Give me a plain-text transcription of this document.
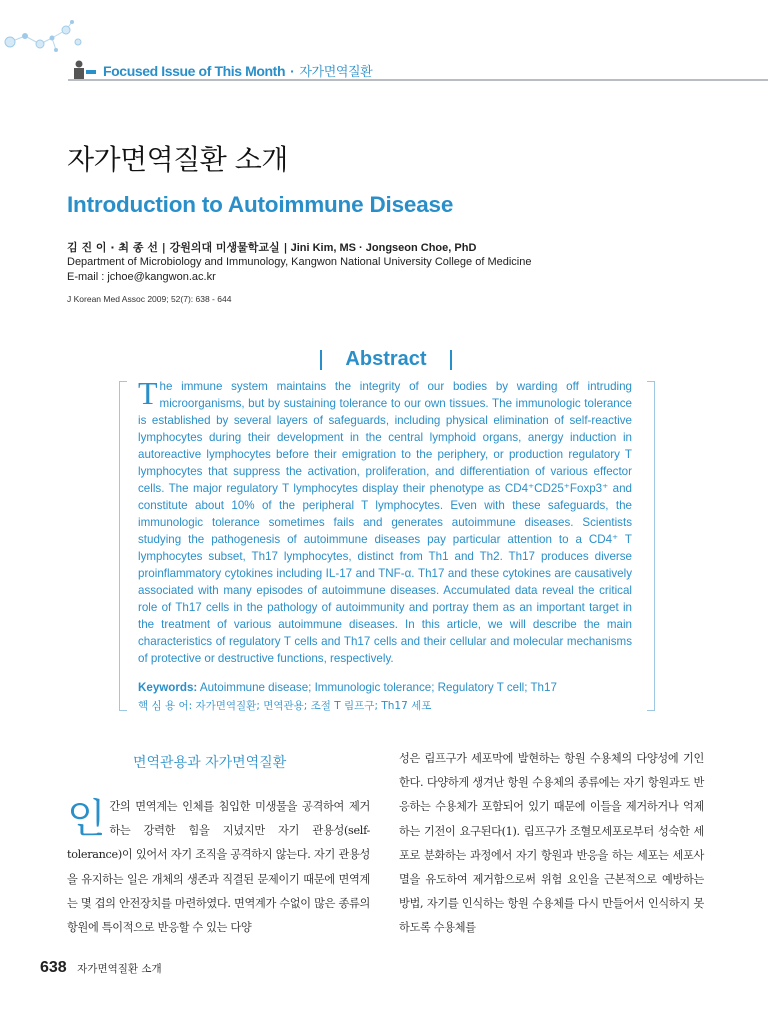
Focused Issue of This Month · 자가면역질환
자가면역질환 소개
Introduction to Autoimmune Disease
김 진 이 · 최 종 선 | 강원의대 미생물학교실 | Jini Kim, MS · Jongseon Choe, PhD
Department of Microbiology and Immunology, Kangwon National University College of Medicine
E-mail : jchoe@kangwon.ac.kr
J Korean Med Assoc 2009; 52(7): 638 - 644
Abstract
T he immune system maintains the integrity of our bodies by warding off intruding microorganisms, but by sustaining tolerance to our own tissues. The immunologic tolerance is established by several layers of safeguards, including physical elimination of self-reactive lymphocytes during their development in the central lymphoid organs, anergy induction in autoreactive lymphocytes before their emigration to the periphery, or production regulatory T lymphocytes that suppress the activation, proliferation, and differentiation of various effector cells. The major regulatory T lymphocytes display their phenotype as CD4⁺CD25⁺Foxp3⁺ and constitute about 10% of the peripheral T lymphocytes. Even with these safeguards, the immunologic tolerance sometimes fails and generates autoimmune diseases. Scientists studying the pathogenesis of autoimmune diseases pay particular attention to a CD4⁺ T lymphocytes subset, Th17 lymphocytes, distinct from Th1 and Th2. Th17 produces diverse proinflammatory cytokines including IL-17 and TNF-α. Th17 and these cytokines are causatively associated with many episodes of autoimmune diseases. Accumulated data reveal the critical role of Th17 cells in the pathology of autoimmunity and portray them as an important target in the treatment of various autoimmune diseases. In this article, we will describe the main characteristics of regulatory T cells and Th17 cells and their cellular and molecular mechanisms of protective or destructive functions, respectively.
Keywords: Autoimmune disease; Immunologic tolerance; Regulatory T cell; Th17
핵 심 용 어: 자가면역질환; 면역관용; 조절 T 림프구; Th17 세포
면역관용과 자가면역질환
인 간의 면역계는 인체를 침입한 미생물을 공격하여 제거하는 강력한 힘을 지녔지만 자기 관용성(self-tolerance)이 있어서 자기 조직을 공격하지 않는다. 자기 관용성을 유지하는 일은 개체의 생존과 직결된 문제이기 때문에 면역계는 몇 겹의 안전장치를 마련하였다. 면역계가 수없이 많은 종류의 항원에 특이적으로 반응할 수 있는 다양
성은 림프구가 세포막에 발현하는 항원 수용체의 다양성에 기인한다. 다양하게 생겨난 항원 수용체의 종류에는 자기 항원과도 반응하는 수용체가 포함되어 있기 때문에 이들을 제거하거나 억제하는 기전이 요구된다(1). 림프구가 조혈모세포로부터 성숙한 세포로 분화하는 과정에서 자기 항원과 반응을 하는 세포는 세포사멸을 유도하여 제거함으로써 위험 요인을 근본적으로 예방하는 방법, 자기를 인식하는 항원 수용체를 다시 만들어서 인식하지 못하도록 수용체를
638 자가면역질환 소개
